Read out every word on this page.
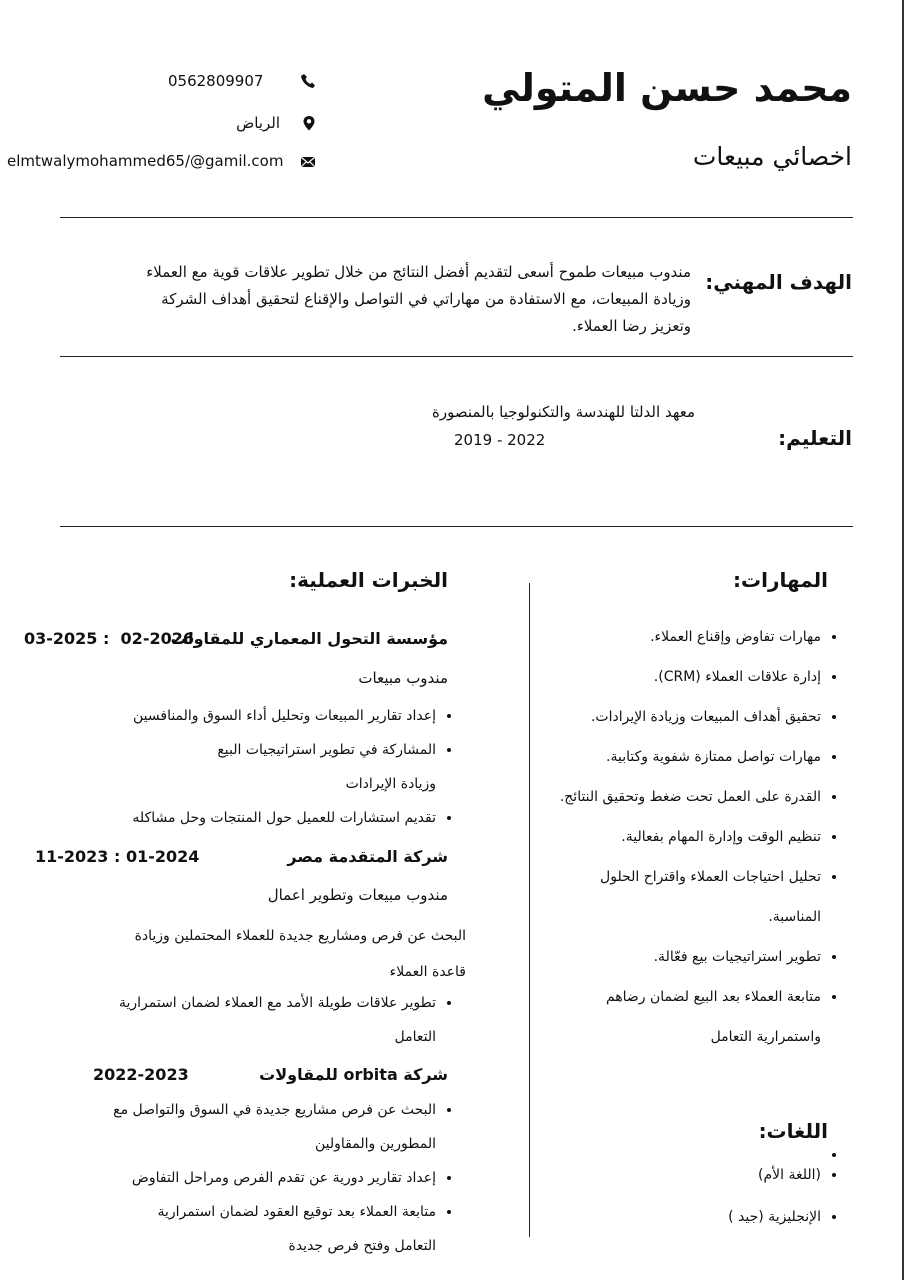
محمد حسن المتولي
اخصائي مبيعات
0562809907
الرياض
elmtwalymohammed65/@gamil.com
الهدف المهني:
مندوب مبيعات طموح أسعى لتقديم أفضل النتائج من خلال تطوير علاقات قوية مع العملاء وزيادة المبيعات، مع الاستفادة من مهاراتي في التواصل والإقناع لتحقيق أهداف الشركة وتعزيز رضا العملاء.
التعليم:
معهد الدلتا للهندسة والتكنولوجيا بالمنصورة
2019 - 2022
المهارات:
• مهارات تفاوض وإقناع العملاء.
• إدارة علاقات العملاء (CRM).
• تحقيق أهداف المبيعات وزيادة الإيرادات.
• مهارات تواصل ممتازة شفوية وكتابية.
• القدرة على العمل تحت ضغط وتحقيق النتائج.
• تنظيم الوقت وإدارة المهام بفعالية.
• تحليل احتياجات العملاء واقتراح الحلول المناسبة.
• تطوير استراتيجيات بيع فعّالة.
• متابعة العملاء بعد البيع لضمان رضاهم واستمرارية التعامل
اللغات:
•
• (اللغة الأم)
• الإنجليزية (جيد )
الخبرات العملية:
مؤسسة التحول المعماري للمقاولت
03-2025 :  02-2026
مندوب مبيعات
• إعداد تقارير المبيعات وتحليل أداء السوق والمنافسين
• المشاركة في تطوير استراتيجيات البيع وزيادة الإيرادات
• تقديم استشارات للعميل حول المنتجات وحل مشاكله
شركة المتقدمة مصر
11-2023 : 01-2024
مندوب مبيعات وتطوير اعمال
البحث عن فرص ومشاريع جديدة للعملاء المحتملين وزيادة قاعدة العملاء
• تطوير علاقات طويلة الأمد مع العملاء لضمان استمرارية التعامل
شركة orbita للمقاولات
2022-2023
• البحث عن فرص مشاريع جديدة في السوق والتواصل مع المطورين والمقاولين
• إعداد تقارير دورية عن تقدم الفرص ومراحل التفاوض
• متابعة العملاء بعد توقيع العقود لضمان استمرارية التعامل وفتح فرص جديدة
